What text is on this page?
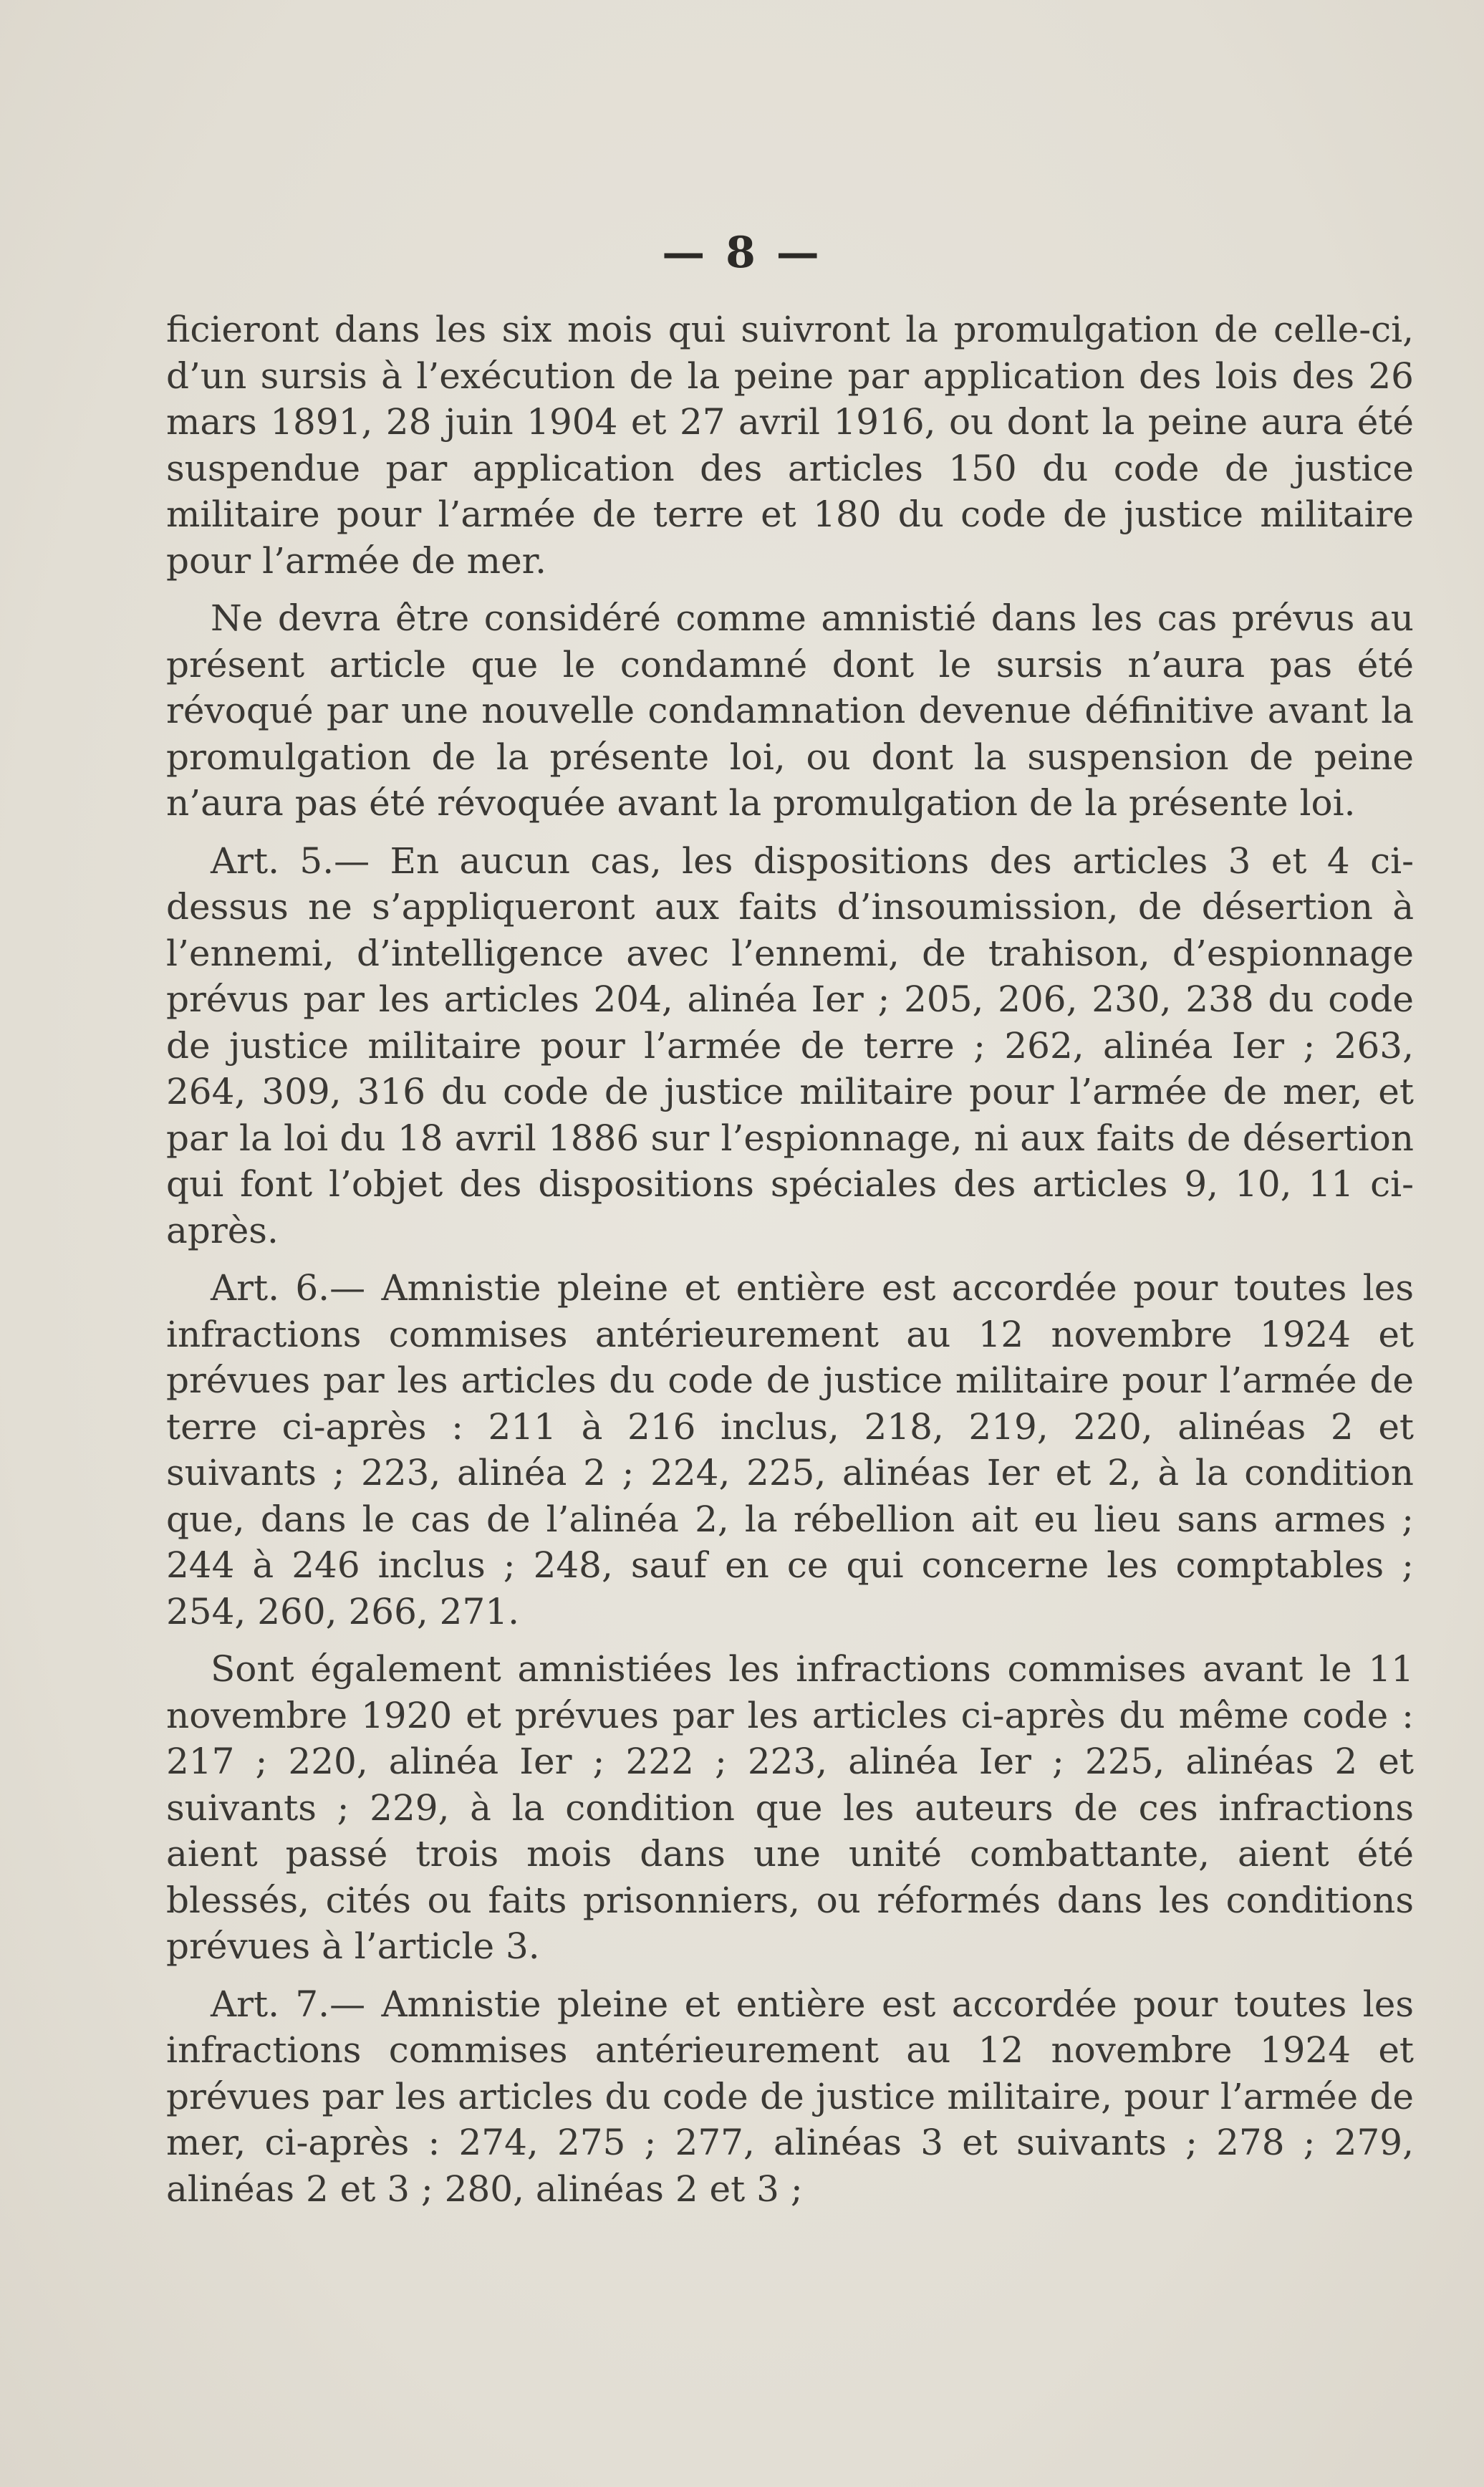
— 8 —

ficieront dans les six mois qui suivront la promulgation de celle-ci, d’un sursis à l’exécution de la peine par application des lois des 26 mars 1891, 28 juin 1904 et 27 avril 1916, ou dont la peine aura été suspendue par application des articles 150 du code de justice militaire pour l’armée de terre et 180 du code de justice militaire pour l’armée de mer.

Ne devra être considéré comme amnistié dans les cas prévus au présent article que le condamné dont le sursis n’aura pas été révoqué par une nouvelle condamnation devenue définitive avant la promulgation de la présente loi, ou dont la suspension de peine n’aura pas été révoquée avant la promulgation de la présente loi.

Art. 5.— En aucun cas, les dispositions des articles 3 et 4 ci-dessus ne s’appliqueront aux faits d’insoumission, de désertion à l’ennemi, d’intelligence avec l’ennemi, de trahison, d’espionnage prévus par les articles 204, alinéa Ier ; 205, 206, 230, 238 du code de justice militaire pour l’armée de terre ; 262, alinéa Ier ; 263, 264, 309, 316 du code de justice militaire pour l’armée de mer, et par la loi du 18 avril 1886 sur l’espionnage, ni aux faits de désertion qui font l’objet des dispositions spéciales des articles 9, 10, 11 ci-après.

Art. 6.— Amnistie pleine et entière est accordée pour toutes les infractions commises antérieurement au 12 novembre 1924 et prévues par les articles du code de justice militaire pour l’armée de terre ci-après : 211 à 216 inclus, 218, 219, 220, alinéas 2 et suivants ; 223, alinéa 2 ; 224, 225, alinéas Ier et 2, à la condition que, dans le cas de l’alinéa 2, la rébellion ait eu lieu sans armes ; 244 à 246 inclus ; 248, sauf en ce qui concerne les comptables ; 254, 260, 266, 271.

Sont également amnistiées les infractions commises avant le 11 novembre 1920 et prévues par les articles ci-après du même code : 217 ; 220, alinéa Ier ; 222 ; 223, alinéa Ier ; 225, alinéas 2 et suivants ; 229, à la condition que les auteurs de ces infractions aient passé trois mois dans une unité combattante, aient été blessés, cités ou faits prisonniers, ou réformés dans les conditions prévues à l’article 3.

Art. 7.— Amnistie pleine et entière est accordée pour toutes les infractions commises antérieurement au 12 novembre 1924 et prévues par les articles du code de justice militaire, pour l’armée de mer, ci-après : 274, 275 ; 277, alinéas 3 et suivants ; 278 ; 279, alinéas 2 et 3 ; 280, alinéas 2 et 3 ;
